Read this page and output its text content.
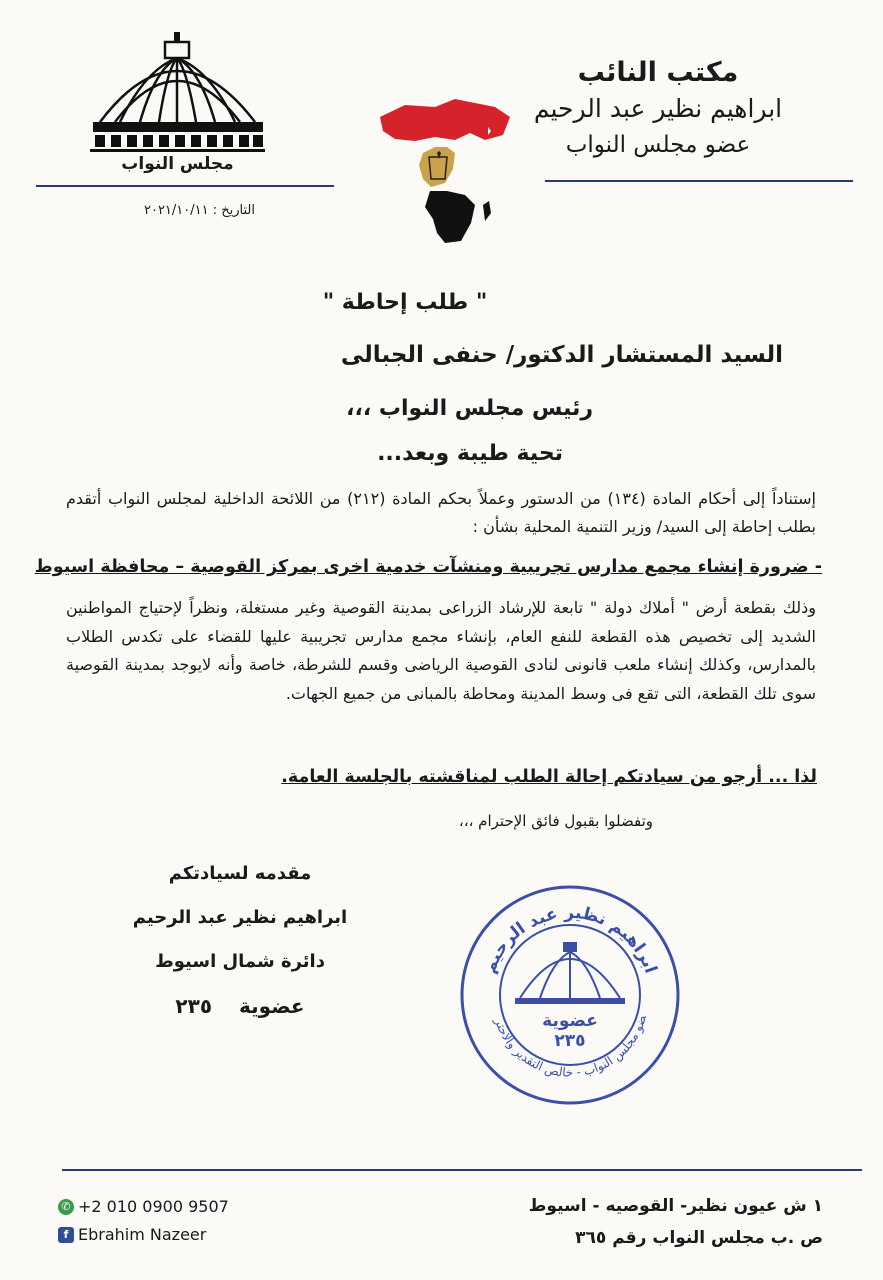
مجلس النواب
مكتب النائب
ابراهيم نظير عبد الرحيم
عضو مجلس النواب
التاريخ : ٢٠٢١/١٠/١١
" طلب إحاطة "
السيد المستشار الدكتور/ حنفى الجبالى
رئيس مجلس النواب ،،،
تحية طيبة وبعد...
إستناداً إلى أحكام المادة (١٣٤) من الدستور وعملاً بحكم المادة (٢١٢) من اللائحة الداخلية لمجلس النواب أتقدم بطلب إحاطة إلى السيد/ وزير التنمية المحلية بشأن :
- ضرورة إنشاء مجمع مدارس تجريبية ومنشآت خدمية اخرى بمركز القوصية – محافظة اسيوط
وذلك بقطعة أرض " أملاك دولة " تابعة للإرشاد الزراعى بمدينة القوصية وغير مستغلة، ونظراً لإحتياج المواطنين الشديد إلى تخصيص هذه القطعة للنفع العام، بإنشاء مجمع مدارس تجريبية عليها للقضاء على تكدس الطلاب بالمدارس، وكذلك إنشاء ملعب قانونى لنادى القوصية الرياضى وقسم للشرطة، خاصة وأنه لايوجد بمدينة القوصية سوى تلك القطعة، التى تقع فى وسط المدينة ومحاطة بالمبانى من جميع الجهات.
لذا ... أرجو من سيادتكم إحالة الطلب لمناقشته بالجلسة العامة.
وتفضلوا بقبول فائق الإحترام ،،،
مقدمه لسيادتكم
ابراهيم نظير عبد الرحيم
دائرة شمال اسيوط
عضوية ٢٣٥
ابراهيم نظير عبد الرحيم
ضو مجلس النواب - خالص التقدير والاحترام
عضوية
٢٣٥
✆ +2 010 0900 9507
f Ebrahim Nazeer
١ ش عيون نظير- القوصيه - اسيوط
ص .ب مجلس النواب رقم ٣٦٥
